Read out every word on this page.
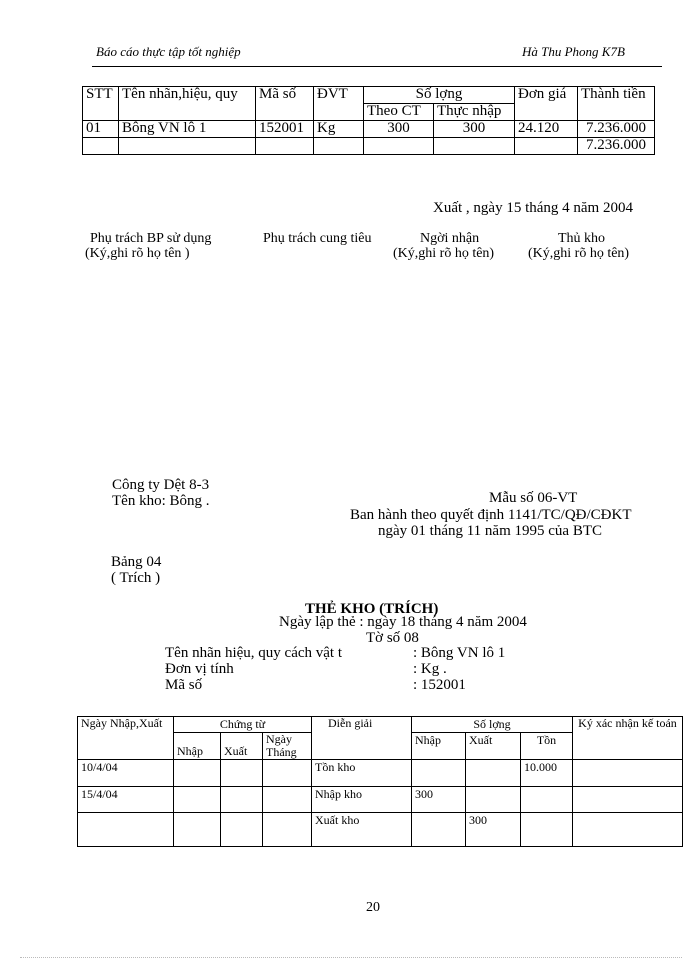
Báo cáo thực tập tốt nghiệp	Hà Thu Phong K7B
STT	Tên nhãn,hiệu, quy	Mã số	ĐVT	Số lợng		Đơn giá	Thành tiền
				Theo CT	Thực nhập		
01	Bông VN lô 1	152001	Kg	300	300	24.120	7.236.000
							7.236.000
Xuất , ngày 15 tháng 4 năm 2004
Phụ trách BP sử dụng
(Ký,ghi rõ họ tên )
Phụ trách cung tiêu	Ngời nhận
(Ký,ghi rõ họ tên)
Thủ kho
(Ký,ghi rõ họ tên)
Công ty Dệt 8-3
Tên kho: Bông .	Mẫu số 06-VT
Ban hành theo quyết định 1141/TC/QĐ/CĐKT
ngày 01 tháng 11 năm 1995 của BTC
Bảng 04
( Trích )
THẺ KHO (TRÍCH)
Ngày lập thẻ : ngày 18 tháng 4 năm 2004
Tờ số 08
Tên nhãn hiệu, quy cách vật t	: Bông VN lô 1
Đơn vị tính	: Kg .
Mã số	: 152001
Ngày Nhập,Xuất	Chứng từ			Diễn giải	Số lợng			Ký xác nhận kế toán
	Nhập	Xuất	Ngày Tháng		Nhập	Xuất	Tồn	
10/4/04				Tồn kho			10.000	
15/4/04				Nhập kho	300			
				Xuất kho		300		
20
